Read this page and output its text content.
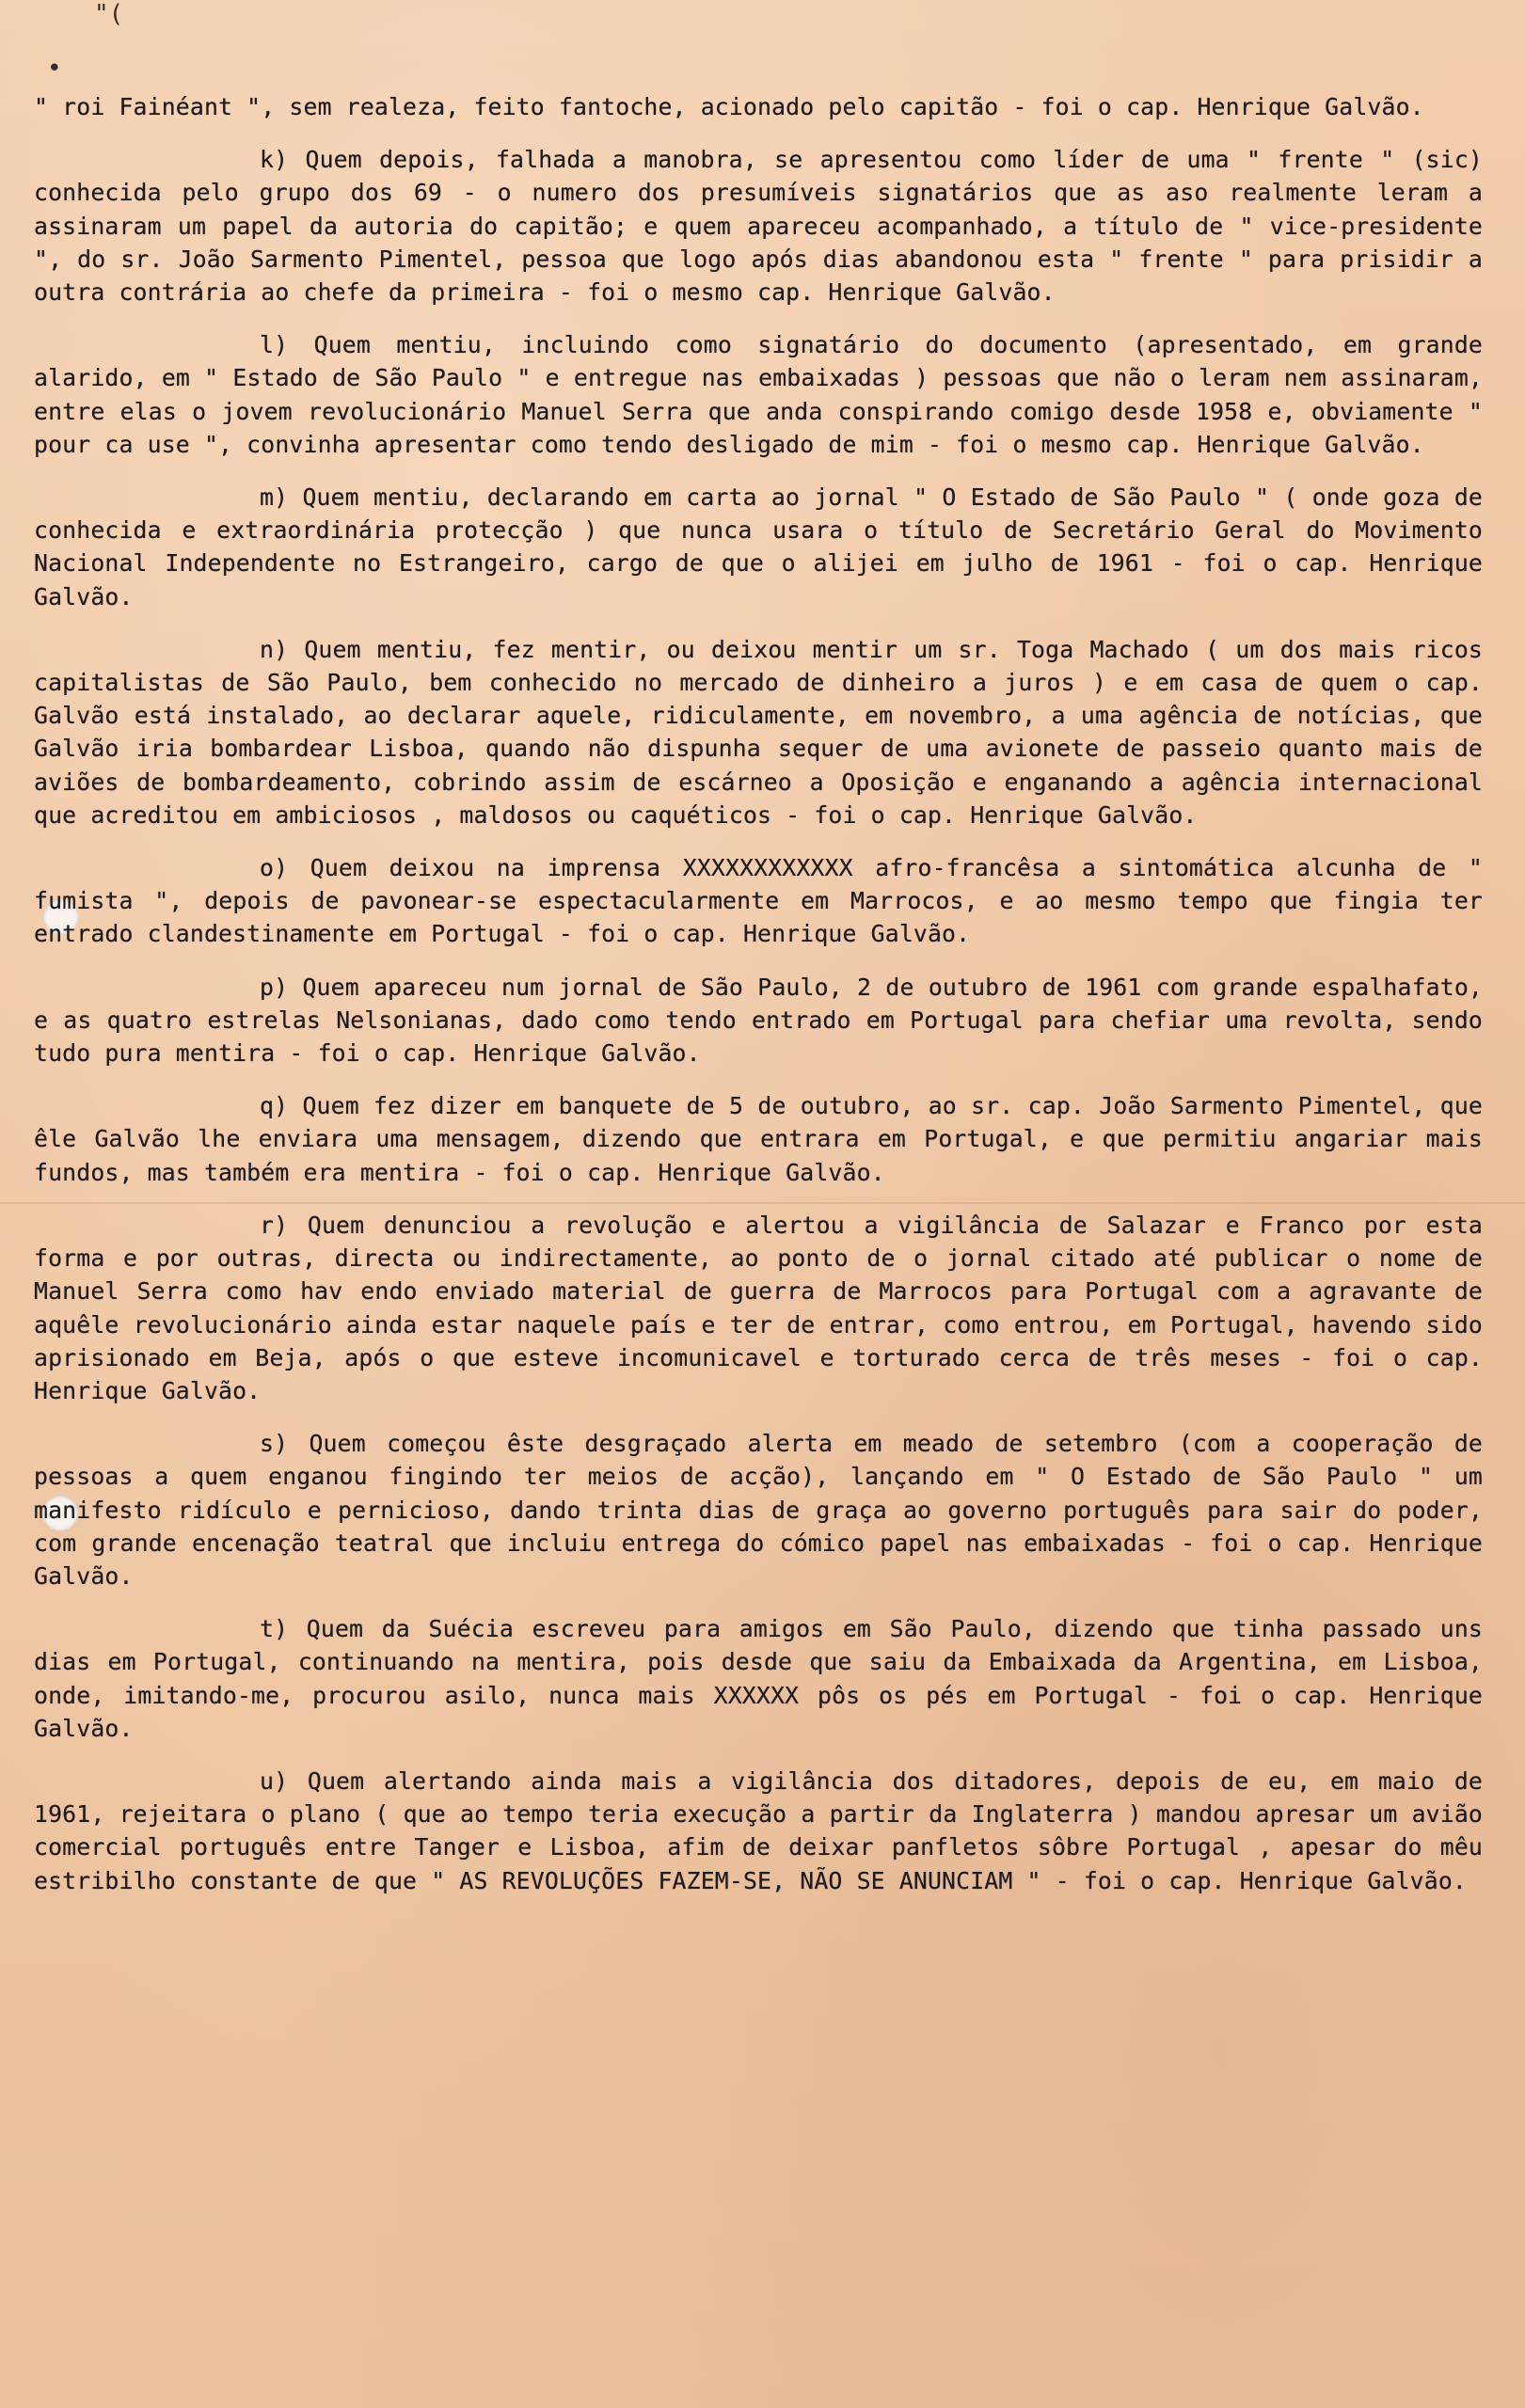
"(
•

" roi Fainéant ", sem realeza, feito fantoche, acionado pelo capitão - foi o cap. Henrique Galvão.

k) Quem depois, falhada a manobra, se apresentou como líder de uma " frente " (sic) conhecida pelo grupo dos 69 - o numero dos presumíveis signatários que as aso realmente leram a assinaram um papel da autoria do capitão; e quem apareceu acompanhado, a título de " vice-presidente ", do sr. João Sarmento Pimentel, pessoa que logo após dias abandonou esta " frente " para prisidir a outra contrária ao chefe da primeira - foi o mesmo cap. Henrique Galvão.

l) Quem mentiu, incluindo como signatário do documento (apresentado, em grande alarido, em " Estado de São Paulo " e entregue nas embaixadas ) pessoas que não o leram nem assinaram, entre elas o jovem revolucionário Manuel Serra que anda conspirando comigo desde 1958 e, obviamente " pour ca use ", convinha apresentar como tendo desligado de mim - foi o mesmo cap. Henrique Galvão.

m) Quem mentiu, declarando em carta ao jornal " O Estado de São Paulo " ( onde goza de conhecida e extraordinária protecção ) que nunca usara o título de Secretário Geral do Movimento Nacional Independente no Estrangeiro, cargo de que o alijei em julho de 1961 - foi o cap. Henrique Galvão.

n) Quem mentiu, fez mentir, ou deixou mentir um sr. Toga Machado ( um dos mais ricos capitalistas de São Paulo, bem conhecido no mercado de dinheiro a juros ) e em casa de quem o cap. Galvão está instalado, ao declarar aquele, ridiculamente, em novembro, a uma agência de notícias, que Galvão iria bombardear Lisboa, quando não dispunha sequer de uma avionete de passeio quanto mais de aviões de bombardeamento, cobrindo assim de escárneo a Oposição e enganando a agência internacional que acreditou em ambiciosos , maldosos ou caquéticos - foi o cap. Henrique Galvão.

o) Quem deixou na imprensa XXXXXXXXXXXX afro-francêsa a sintomática alcunha de " fumista ", depois de pavonear-se espectacularmente em Marrocos, e ao mesmo tempo que fingia ter entrado clandestinamente em Portugal - foi o cap. Henrique Galvão.

p) Quem apareceu num jornal de São Paulo, 2 de outubro de 1961 com grande espalhafato, e as quatro estrelas Nelsonianas, dado como tendo entrado em Portugal para chefiar uma revolta, sendo tudo pura mentira - foi o cap. Henrique Galvão.

q) Quem fez dizer em banquete de 5 de outubro, ao sr. cap. João Sarmento Pimentel, que êle Galvão lhe enviara uma mensagem, dizendo que entrara em Portugal, e que permitiu angariar mais fundos, mas também era mentira - foi o cap. Henrique Galvão.

r) Quem denunciou a revolução e alertou a vigilância de Salazar e Franco por esta forma e por outras, directa ou indirectamente, ao ponto de o jornal citado até publicar o nome de Manuel Serra como hav endo enviado material de guerra de Marrocos para Portugal com a agravante de aquêle revolucionário ainda estar naquele país e ter de entrar, como entrou, em Portugal, havendo sido aprisionado em Beja, após o que esteve incomunicavel e torturado cerca de três meses - foi o cap. Henrique Galvão.

s) Quem começou êste desgraçado alerta em meado de setembro (com a cooperação de pessoas a quem enganou fingindo ter meios de acção), lançando em " O Estado de São Paulo " um manifesto ridículo e pernicioso, dando trinta dias de graça ao governo português para sair do poder, com grande encenação teatral que incluiu entrega do cómico papel nas embaixadas - foi o cap. Henrique Galvão.

t) Quem da Suécia escreveu para amigos em São Paulo, dizendo que tinha passado uns dias em Portugal, continuando na mentira, pois desde que saiu da Embaixada da Argentina, em Lisboa, onde, imitando-me, procurou asilo, nunca mais XXXXXX pôs os pés em Portugal - foi o cap. Henrique Galvão.

u) Quem alertando ainda mais a vigilância dos ditadores, depois de eu, em maio de 1961, rejeitara o plano ( que ao tempo teria execução a partir da Inglaterra ) mandou apresar um avião comercial português entre Tanger e Lisboa, afim de deixar panfletos sôbre Portugal , apesar do mêu estribilho constante de que " AS REVOLUÇÕES FAZEM-SE, NÃO SE ANUNCIAM " - foi o cap. Henrique Galvão.
